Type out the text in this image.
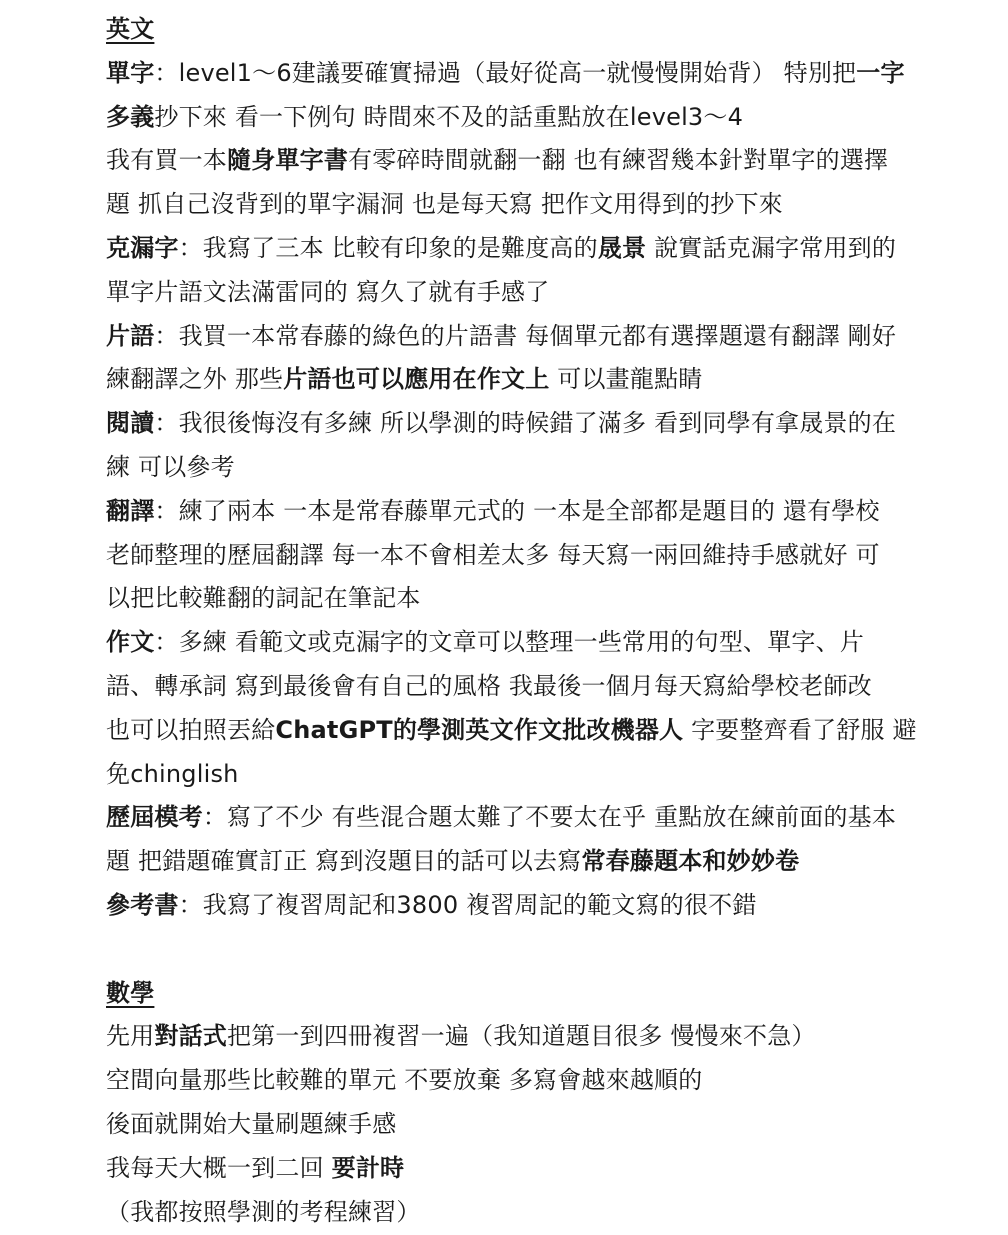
英文
單字：level1～6建議要確實掃過（最好從高一就慢慢開始背） 特別把一字
多義抄下來 看一下例句 時間來不及的話重點放在level3～4
我有買一本隨身單字書有零碎時間就翻一翻 也有練習幾本針對單字的選擇
題 抓自己沒背到的單字漏洞 也是每天寫 把作文用得到的抄下來
克漏字：我寫了三本 比較有印象的是難度高的晟景 說實話克漏字常用到的
單字片語文法滿雷同的 寫久了就有手感了
片語：我買一本常春藤的綠色的片語書 每個單元都有選擇題還有翻譯 剛好
練翻譯之外 那些片語也可以應用在作文上 可以畫龍點睛
閱讀：我很後悔沒有多練 所以學測的時候錯了滿多 看到同學有拿晟景的在
練 可以參考
翻譯：練了兩本 一本是常春藤單元式的 一本是全部都是題目的 還有學校
老師整理的歷屆翻譯 每一本不會相差太多 每天寫一兩回維持手感就好 可
以把比較難翻的詞記在筆記本
作文：多練 看範文或克漏字的文章可以整理一些常用的句型、單字、片
語、轉承詞 寫到最後會有自己的風格 我最後一個月每天寫給學校老師改
也可以拍照丟給ChatGPT的學測英文作文批改機器人 字要整齊看了舒服 避
免chinglish
歷屆模考：寫了不少 有些混合題太難了不要太在乎 重點放在練前面的基本
題 把錯題確實訂正 寫到沒題目的話可以去寫常春藤題本和妙妙卷
參考書：我寫了複習周記和3800 複習周記的範文寫的很不錯
數學
先用對話式把第一到四冊複習一遍（我知道題目很多 慢慢來不急）
空間向量那些比較難的單元 不要放棄 多寫會越來越順的
後面就開始大量刷題練手感
我每天大概一到二回 要計時
（我都按照學測的考程練習）
